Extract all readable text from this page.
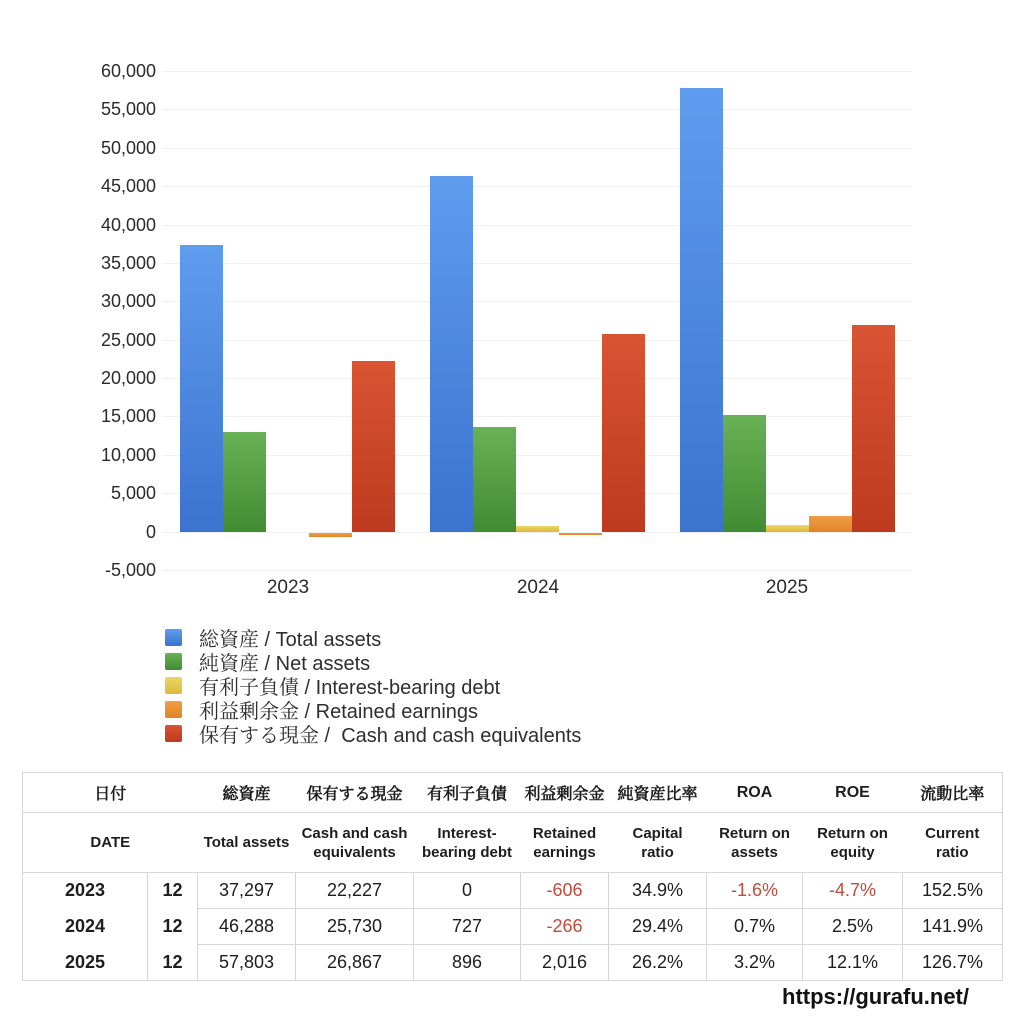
60,000
55,000
50,000
45,000
40,000
35,000
30,000
25,000
20,000
15,000
10,000
5,000
0
-5,000
2023	2024	2025
総資産 / Total assets
純資産 / Net assets
有利子負債 / Interest-bearing debt
利益剰余金 / Retained earnings
保有する現金 /  Cash and cash equivalents
日付		総資産	保有する現金	有利子負債	利益剰余金	純資産比率	ROA	ROE	流動比率
DATE		Total assets	Cash and cash equivalents	Interest-bearing debt	Retained earnings	Capital ratio	Return on assets	Return on equity	Current ratio
2023	12	37,297	22,227	0	-606	34.9%	-1.6%	-4.7%	152.5%
2024	12	46,288	25,730	727	-266	29.4%	0.7%	2.5%	141.9%
2025	12	57,803	26,867	896	2,016	26.2%	3.2%	12.1%	126.7%
https://gurafu.net/
